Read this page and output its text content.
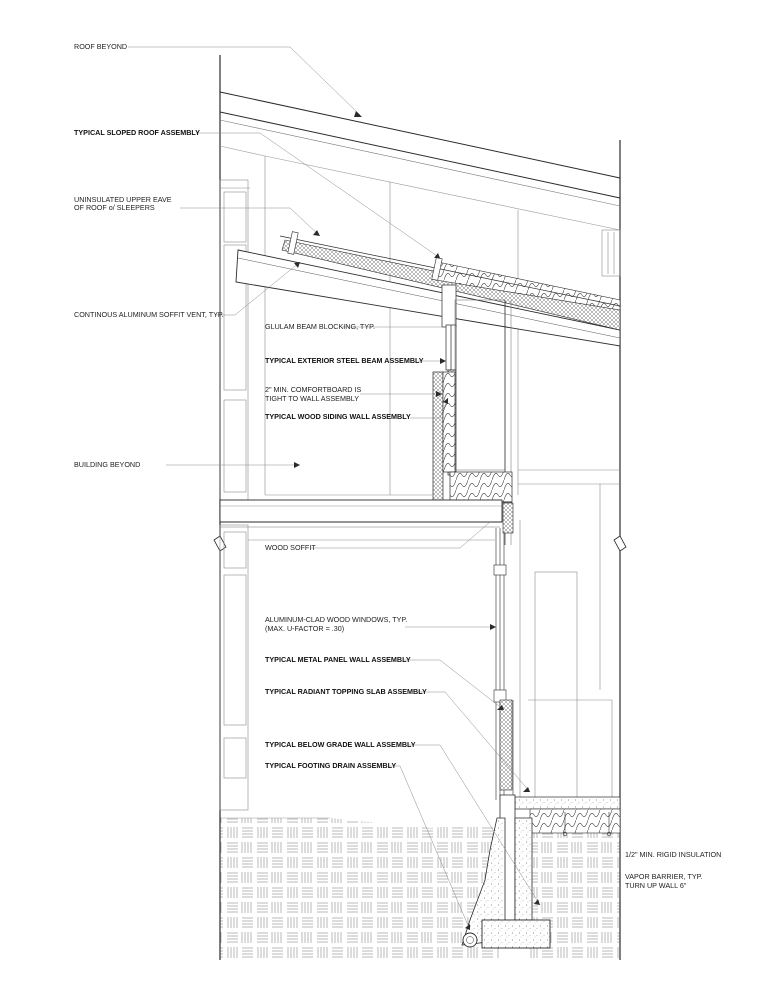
ROOF BEYOND
TYPICAL SLOPED ROOF ASSEMBLY
UNINSULATED UPPER EAVE
OF ROOF o/ SLEEPERS
CONTINOUS ALUMINUM SOFFIT VENT, TYP.
GLULAM BEAM BLOCKING, TYP.
TYPICAL EXTERIOR STEEL BEAM ASSEMBLY
2" MIN. COMFORTBOARD IS
TIGHT TO WALL ASSEMBLY
TYPICAL WOOD SIDING WALL ASSEMBLY
BUILDING BEYOND
WOOD SOFFIT
ALUMINUM-CLAD WOOD WINDOWS, TYP.
(MAX. U-FACTOR = .30)
TYPICAL METAL PANEL WALL ASSEMBLY
TYPICAL RADIANT TOPPING SLAB ASSEMBLY
TYPICAL BELOW GRADE WALL ASSEMBLY
TYPICAL FOOTING DRAIN ASSEMBLY
1/2" MIN. RIGID INSULATION
VAPOR BARRIER, TYP.
TURN UP WALL 6"
